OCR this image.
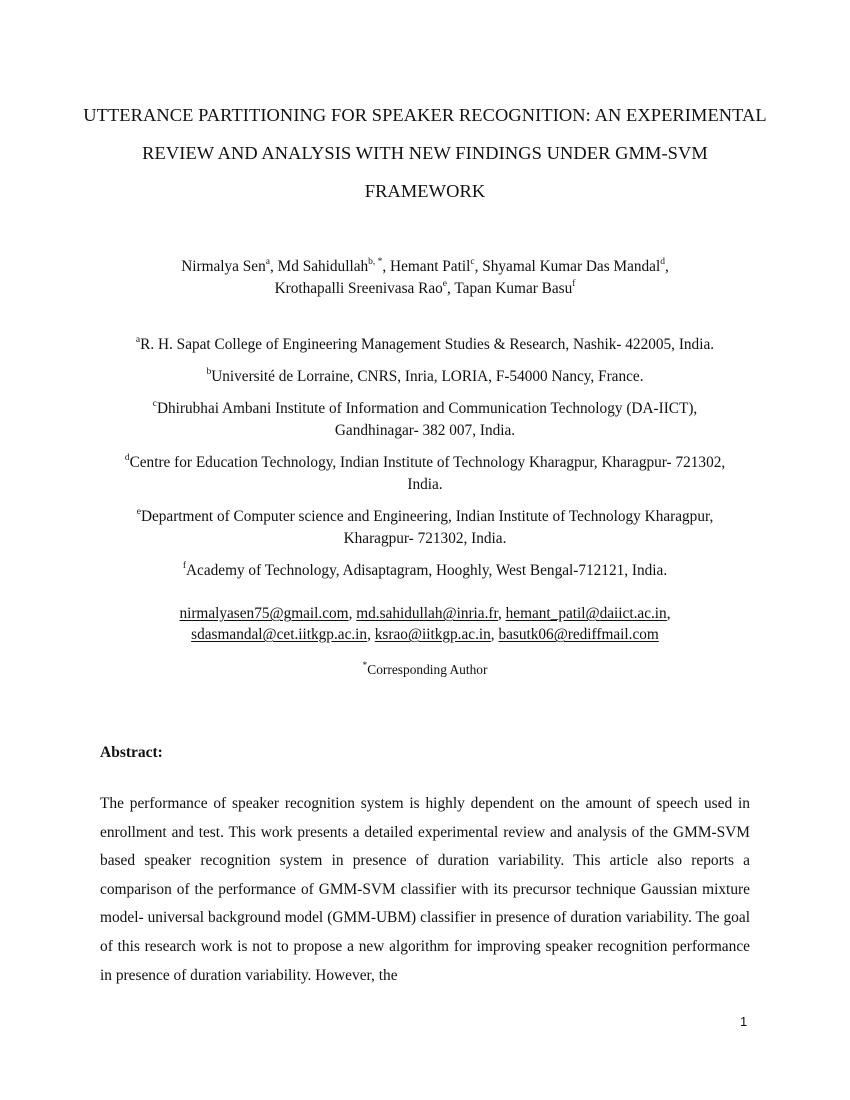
UTTERANCE PARTITIONING FOR SPEAKER RECOGNITION: AN EXPERIMENTAL REVIEW AND ANALYSIS WITH NEW FINDINGS UNDER GMM-SVM FRAMEWORK
Nirmalya Sen$^a$, Md Sahidullah$^{b, *}$, Hemant Patil$^c$, Shyamal Kumar Das Mandal$^d$,
Krothapalli Sreenivasa Rao$^e$, Tapan Kumar Basu$^f$
$^a$R. H. Sapat College of Engineering Management Studies & Research, Nashik- 422005, India.
$^b$Université de Lorraine, CNRS, Inria, LORIA, F-54000 Nancy, France.
$^c$Dhirubhai Ambani Institute of Information and Communication Technology (DA-IICT), Gandhinagar- 382 007, India.
$^d$Centre for Education Technology, Indian Institute of Technology Kharagpur, Kharagpur- 721302, India.
$^e$Department of Computer science and Engineering, Indian Institute of Technology Kharagpur, Kharagpur- 721302, India.
$^f$Academy of Technology, Adisaptagram, Hooghly, West Bengal-712121, India.
nirmalyasen75@gmail.com, md.sahidullah@inria.fr, hemant_patil@daiict.ac.in,
sdasmandal@cet.iitkgp.ac.in, ksrao@iitkgp.ac.in, basutk06@rediffmail.com
*Corresponding Author
Abstract:
The performance of speaker recognition system is highly dependent on the amount of speech used in enrollment and test. This work presents a detailed experimental review and analysis of the GMM-SVM based speaker recognition system in presence of duration variability. This article also reports a comparison of the performance of GMM-SVM classifier with its precursor technique Gaussian mixture model- universal background model (GMM-UBM) classifier in presence of duration variability. The goal of this research work is not to propose a new algorithm for improving speaker recognition performance in presence of duration variability. However, the
1
